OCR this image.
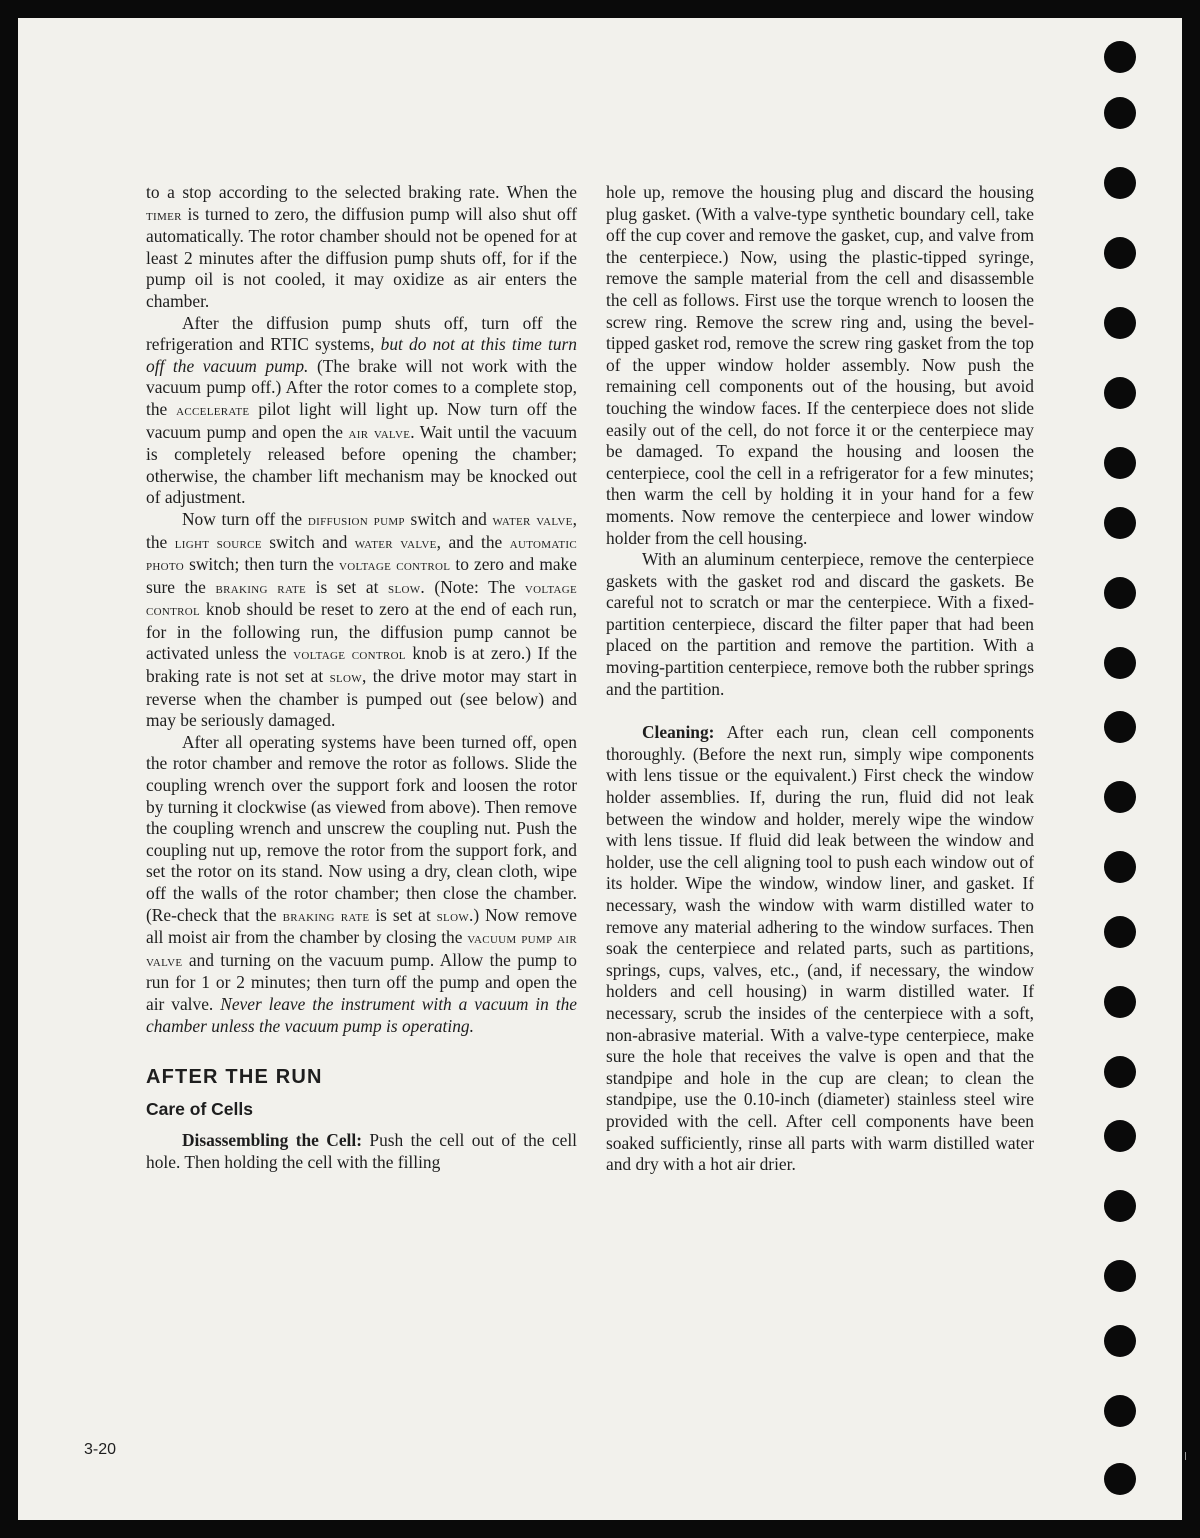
to a stop according to the selected braking rate. When the timer is turned to zero, the diffusion pump will also shut off automatically. The rotor chamber should not be opened for at least 2 minutes after the diffusion pump shuts off, for if the pump oil is not cooled, it may oxidize as air enters the chamber.

After the diffusion pump shuts off, turn off the refrigeration and RTIC systems, but do not at this time turn off the vacuum pump. (The brake will not work with the vacuum pump off.) After the rotor comes to a complete stop, the accelerate pilot light will light up. Now turn off the vacuum pump and open the air valve. Wait until the vacuum is completely released before opening the chamber; otherwise, the chamber lift mechanism may be knocked out of adjustment.

Now turn off the diffusion pump switch and water valve, the light source switch and water valve, and the automatic photo switch; then turn the voltage control to zero and make sure the braking rate is set at slow. (Note: The voltage control knob should be reset to zero at the end of each run, for in the following run, the diffusion pump cannot be activated unless the voltage control knob is at zero.) If the braking rate is not set at slow, the drive motor may start in reverse when the chamber is pumped out (see below) and may be seriously damaged.

After all operating systems have been turned off, open the rotor chamber and remove the rotor as follows. Slide the coupling wrench over the support fork and loosen the rotor by turning it clockwise (as viewed from above). Then remove the coupling wrench and unscrew the coupling nut. Push the coupling nut up, remove the rotor from the support fork, and set the rotor on its stand. Now using a dry, clean cloth, wipe off the walls of the rotor chamber; then close the chamber. (Re-check that the braking rate is set at slow.) Now remove all moist air from the chamber by closing the vacuum pump air valve and turning on the vacuum pump. Allow the pump to run for 1 or 2 minutes; then turn off the pump and open the air valve. Never leave the instrument with a vacuum in the chamber unless the vacuum pump is operating.

AFTER THE RUN
Care of Cells

Disassembling the Cell: Push the cell out of the cell hole. Then holding the cell with the filling

hole up, remove the housing plug and discard the housing plug gasket. (With a valve-type synthetic boundary cell, take off the cup cover and remove the gasket, cup, and valve from the centerpiece.) Now, using the plastic-tipped syringe, remove the sample material from the cell and disassemble the cell as follows. First use the torque wrench to loosen the screw ring. Remove the screw ring and, using the bevel-tipped gasket rod, remove the screw ring gasket from the top of the upper window holder assembly. Now push the remaining cell components out of the housing, but avoid touching the window faces. If the centerpiece does not slide easily out of the cell, do not force it or the centerpiece may be damaged. To expand the housing and loosen the centerpiece, cool the cell in a refrigerator for a few minutes; then warm the cell by holding it in your hand for a few moments. Now remove the centerpiece and lower window holder from the cell housing.

With an aluminum centerpiece, remove the centerpiece gaskets with the gasket rod and discard the gaskets. Be careful not to scratch or mar the centerpiece. With a fixed-partition centerpiece, discard the filter paper that had been placed on the partition and remove the partition. With a moving-partition centerpiece, remove both the rubber springs and the partition.

Cleaning: After each run, clean cell components thoroughly. (Before the next run, simply wipe components with lens tissue or the equivalent.) First check the window holder assemblies. If, during the run, fluid did not leak between the window and holder, merely wipe the window with lens tissue. If fluid did leak between the window and holder, use the cell aligning tool to push each window out of its holder. Wipe the window, window liner, and gasket. If necessary, wash the window with warm distilled water to remove any material adhering to the window surfaces. Then soak the centerpiece and related parts, such as partitions, springs, cups, valves, etc., (and, if necessary, the window holders and cell housing) in warm distilled water. If necessary, scrub the insides of the centerpiece with a soft, non-abrasive material. With a valve-type centerpiece, make sure the hole that receives the valve is open and that the standpipe and hole in the cup are clean; to clean the standpipe, use the 0.10-inch (diameter) stainless steel wire provided with the cell. After cell components have been soaked sufficiently, rinse all parts with warm distilled water and dry with a hot air drier.

3-20
